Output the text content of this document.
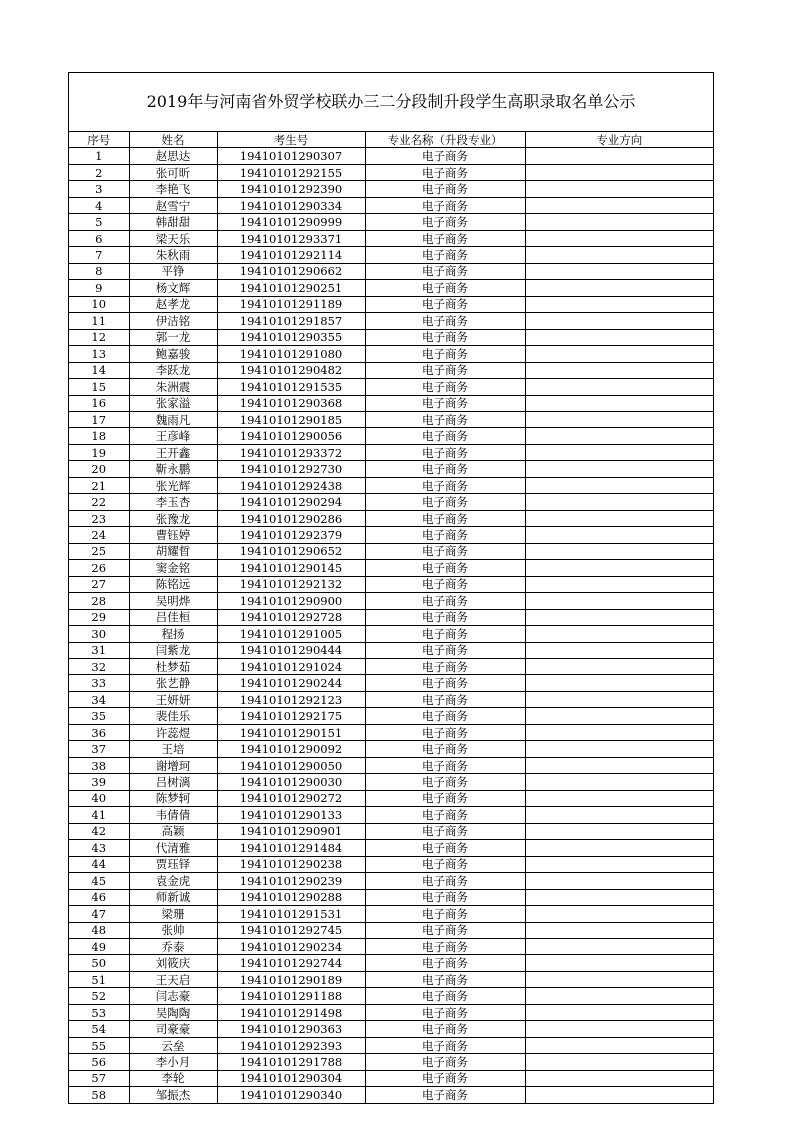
2019年与河南省外贸学校联办三二分段制升段学生高职录取名单公示
序号	姓名	考生号	专业名称（升段专业）	专业方向
1	赵思达	19410101290307	电子商务	
2	张可昕	19410101292155	电子商务	
3	李艳飞	19410101292390	电子商务	
4	赵雪宁	19410101290334	电子商务	
5	韩甜甜	19410101290999	电子商务	
6	梁天乐	19410101293371	电子商务	
7	朱秋雨	19410101292114	电子商务	
8	平铮	19410101290662	电子商务	
9	杨文辉	19410101290251	电子商务	
10	赵孝龙	19410101291189	电子商务	
11	伊洁铭	19410101291857	电子商务	
12	郭一龙	19410101290355	电子商务	
13	鲍嘉骏	19410101291080	电子商务	
14	李跃龙	19410101290482	电子商务	
15	朱洲震	19410101291535	电子商务	
16	张家溢	19410101290368	电子商务	
17	魏雨凡	19410101290185	电子商务	
18	王彦峰	19410101290056	电子商务	
19	王开鑫	19410101293372	电子商务	
20	靳永鹏	19410101292730	电子商务	
21	张光辉	19410101292438	电子商务	
22	李玉杏	19410101290294	电子商务	
23	张豫龙	19410101290286	电子商务	
24	曹钰婷	19410101292379	电子商务	
25	胡耀晢	19410101290652	电子商务	
26	窦金铭	19410101290145	电子商务	
27	陈铭远	19410101292132	电子商务	
28	吴明烨	19410101290900	电子商务	
29	吕佳桓	19410101292728	电子商务	
30	程扬	19410101291005	电子商务	
31	闫紫龙	19410101290444	电子商务	
32	杜梦茹	19410101291024	电子商务	
33	张艺静	19410101290244	电子商务	
34	王妍妍	19410101292123	电子商务	
35	裴佳乐	19410101292175	电子商务	
36	许蕊煜	19410101290151	电子商务	
37	王培	19410101290092	电子商务	
38	谢增珂	19410101290050	电子商务	
39	吕树漓	19410101290030	电子商务	
40	陈梦轲	19410101290272	电子商务	
41	韦倩倩	19410101290133	电子商务	
42	高颖	19410101290901	电子商务	
43	代清雅	19410101291484	电子商务	
44	贾珏铎	19410101290238	电子商务	
45	袁金虎	19410101290239	电子商务	
46	师新诚	19410101290288	电子商务	
47	梁珊	19410101291531	电子商务	
48	张帅	19410101292745	电子商务	
49	乔泰	19410101290234	电子商务	
50	刘筱庆	19410101292744	电子商务	
51	王天启	19410101290189	电子商务	
52	闫志豪	19410101291188	电子商务	
53	吴陶陶	19410101291498	电子商务	
54	司豪豪	19410101290363	电子商务	
55	云垒	19410101292393	电子商务	
56	李小月	19410101291788	电子商务	
57	李轮	19410101290304	电子商务	
58	邹振杰	19410101290340	电子商务	
